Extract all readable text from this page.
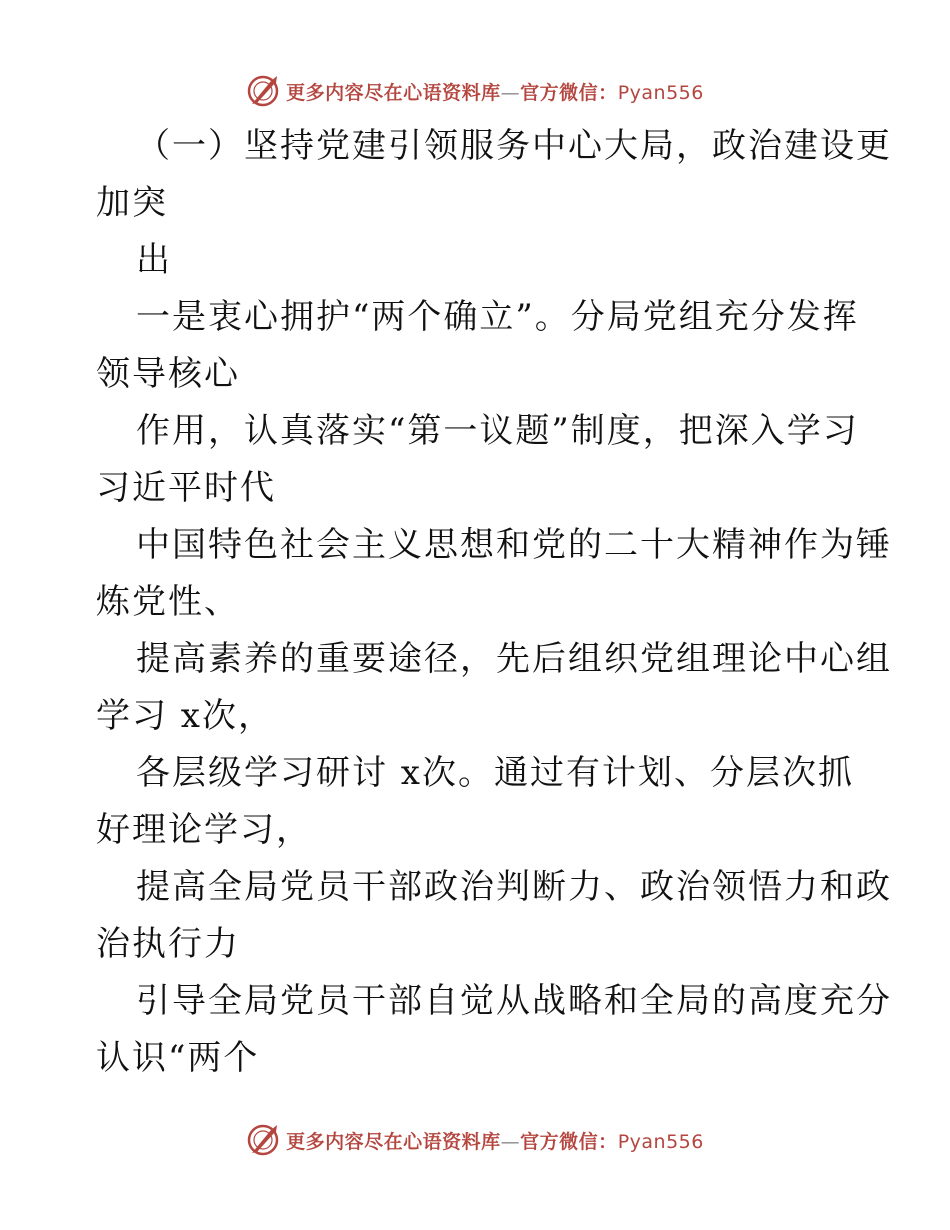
更多内容尽在心语资料库—官方微信：Pyan556
（一）坚持党建引领服务中心大局，政治建设更
加突
出
一是衷心拥护“两个确立”。分局党组充分发挥
领导核心
作用，认真落实“第一议题”制度，把深入学习
习近平时代
中国特色社会主义思想和党的二十大精神作为锤
炼党性、
提高素养的重要途径，先后组织党组理论中心组
学习 x次，
各层级学习研讨 x次。通过有计划、分层次抓
好理论学习，
提高全局党员干部政治判断力、政治领悟力和政
治执行力
引导全局党员干部自觉从战略和全局的高度充分
认识“两个
更多内容尽在心语资料库—官方微信：Pyan556
